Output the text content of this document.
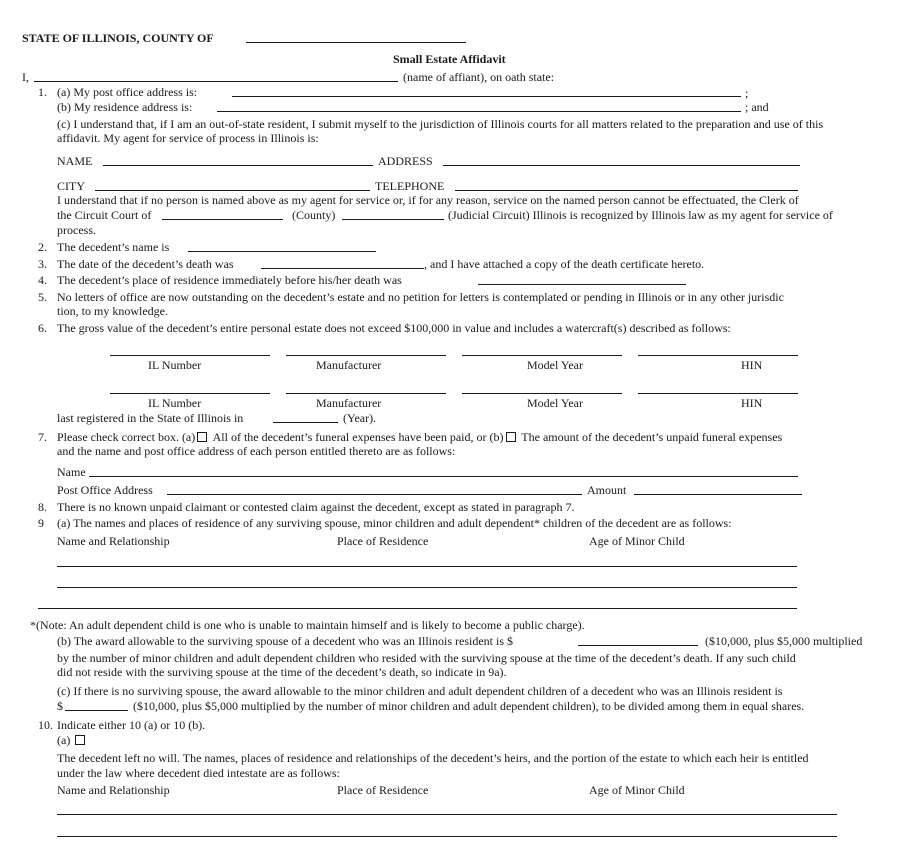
STATE OF ILLINOIS, COUNTY OF
Small Estate Affidavit
I,	(name of affiant), on oath state:
1. (a) My post office address is:	;
(b) My residence address is:	; and
(c) I understand that, if I am an out-of-state resident, I submit myself to the jurisdiction of Illinois courts for all matters related to the preparation and use of this
affidavit. My agent for service of process in Illinois is:
NAME	ADDRESS
CITY	TELEPHONE
I understand that if no person is named above as my agent for service or, if for any reason, service on the named person cannot be effectuated, the Clerk of
the Circuit Court of	(County)	(Judicial Circuit) Illinois is recognized by Illinois law as my agent for service of
process.
2. The decedent’s name is
3. The date of the decedent’s death was	, and I have attached a copy of the death certificate hereto.
4. The decedent’s place of residence immediately before his/her death was
5. No letters of office are now outstanding on the decedent’s estate and no petition for letters is contemplated or pending in Illinois or in any other jurisdic
tion, to my knowledge.
6. The gross value of the decedent’s entire personal estate does not exceed $100,000 in value and includes a watercraft(s) described as follows:
IL Number	Manufacturer	Model Year	HIN
IL Number	Manufacturer	Model Year	HIN
last registered in the State of Illinois in	(Year).
7. Please check correct box. (a) All of the decedent’s funeral expenses have been paid, or (b) The amount of the decedent’s unpaid funeral expenses
and the name and post office address of each person entitled thereto are as follows:
Name
Post Office Address	Amount
8. There is no known unpaid claimant or contested claim against the decedent, except as stated in paragraph 7.
9 (a) The names and places of residence of any surviving spouse, minor children and adult dependent* children of the decedent are as follows:
Name and Relationship	Place of Residence	Age of Minor Child
*(Note: An adult dependent child is one who is unable to maintain himself and is likely to become a public charge).
(b) The award allowable to the surviving spouse of a decedent who was an Illinois resident is $	($10,000, plus $5,000 multiplied
by the number of minor children and adult dependent children who resided with the surviving spouse at the time of the decedent’s death. If any such child
did not reside with the surviving spouse at the time of the decedent’s death, so indicate in 9a).
(c) If there is no surviving spouse, the award allowable to the minor children and adult dependent children of a decedent who was an Illinois resident is
$	($10,000, plus $5,000 multiplied by the number of minor children and adult dependent children), to be divided among them in equal shares.
10. Indicate either 10 (a) or 10 (b).
(a)
The decedent left no will. The names, places of residence and relationships of the decedent’s heirs, and the portion of the estate to which each heir is entitled
under the law where decedent died intestate are as follows:
Name and Relationship	Place of Residence	Age of Minor Child
